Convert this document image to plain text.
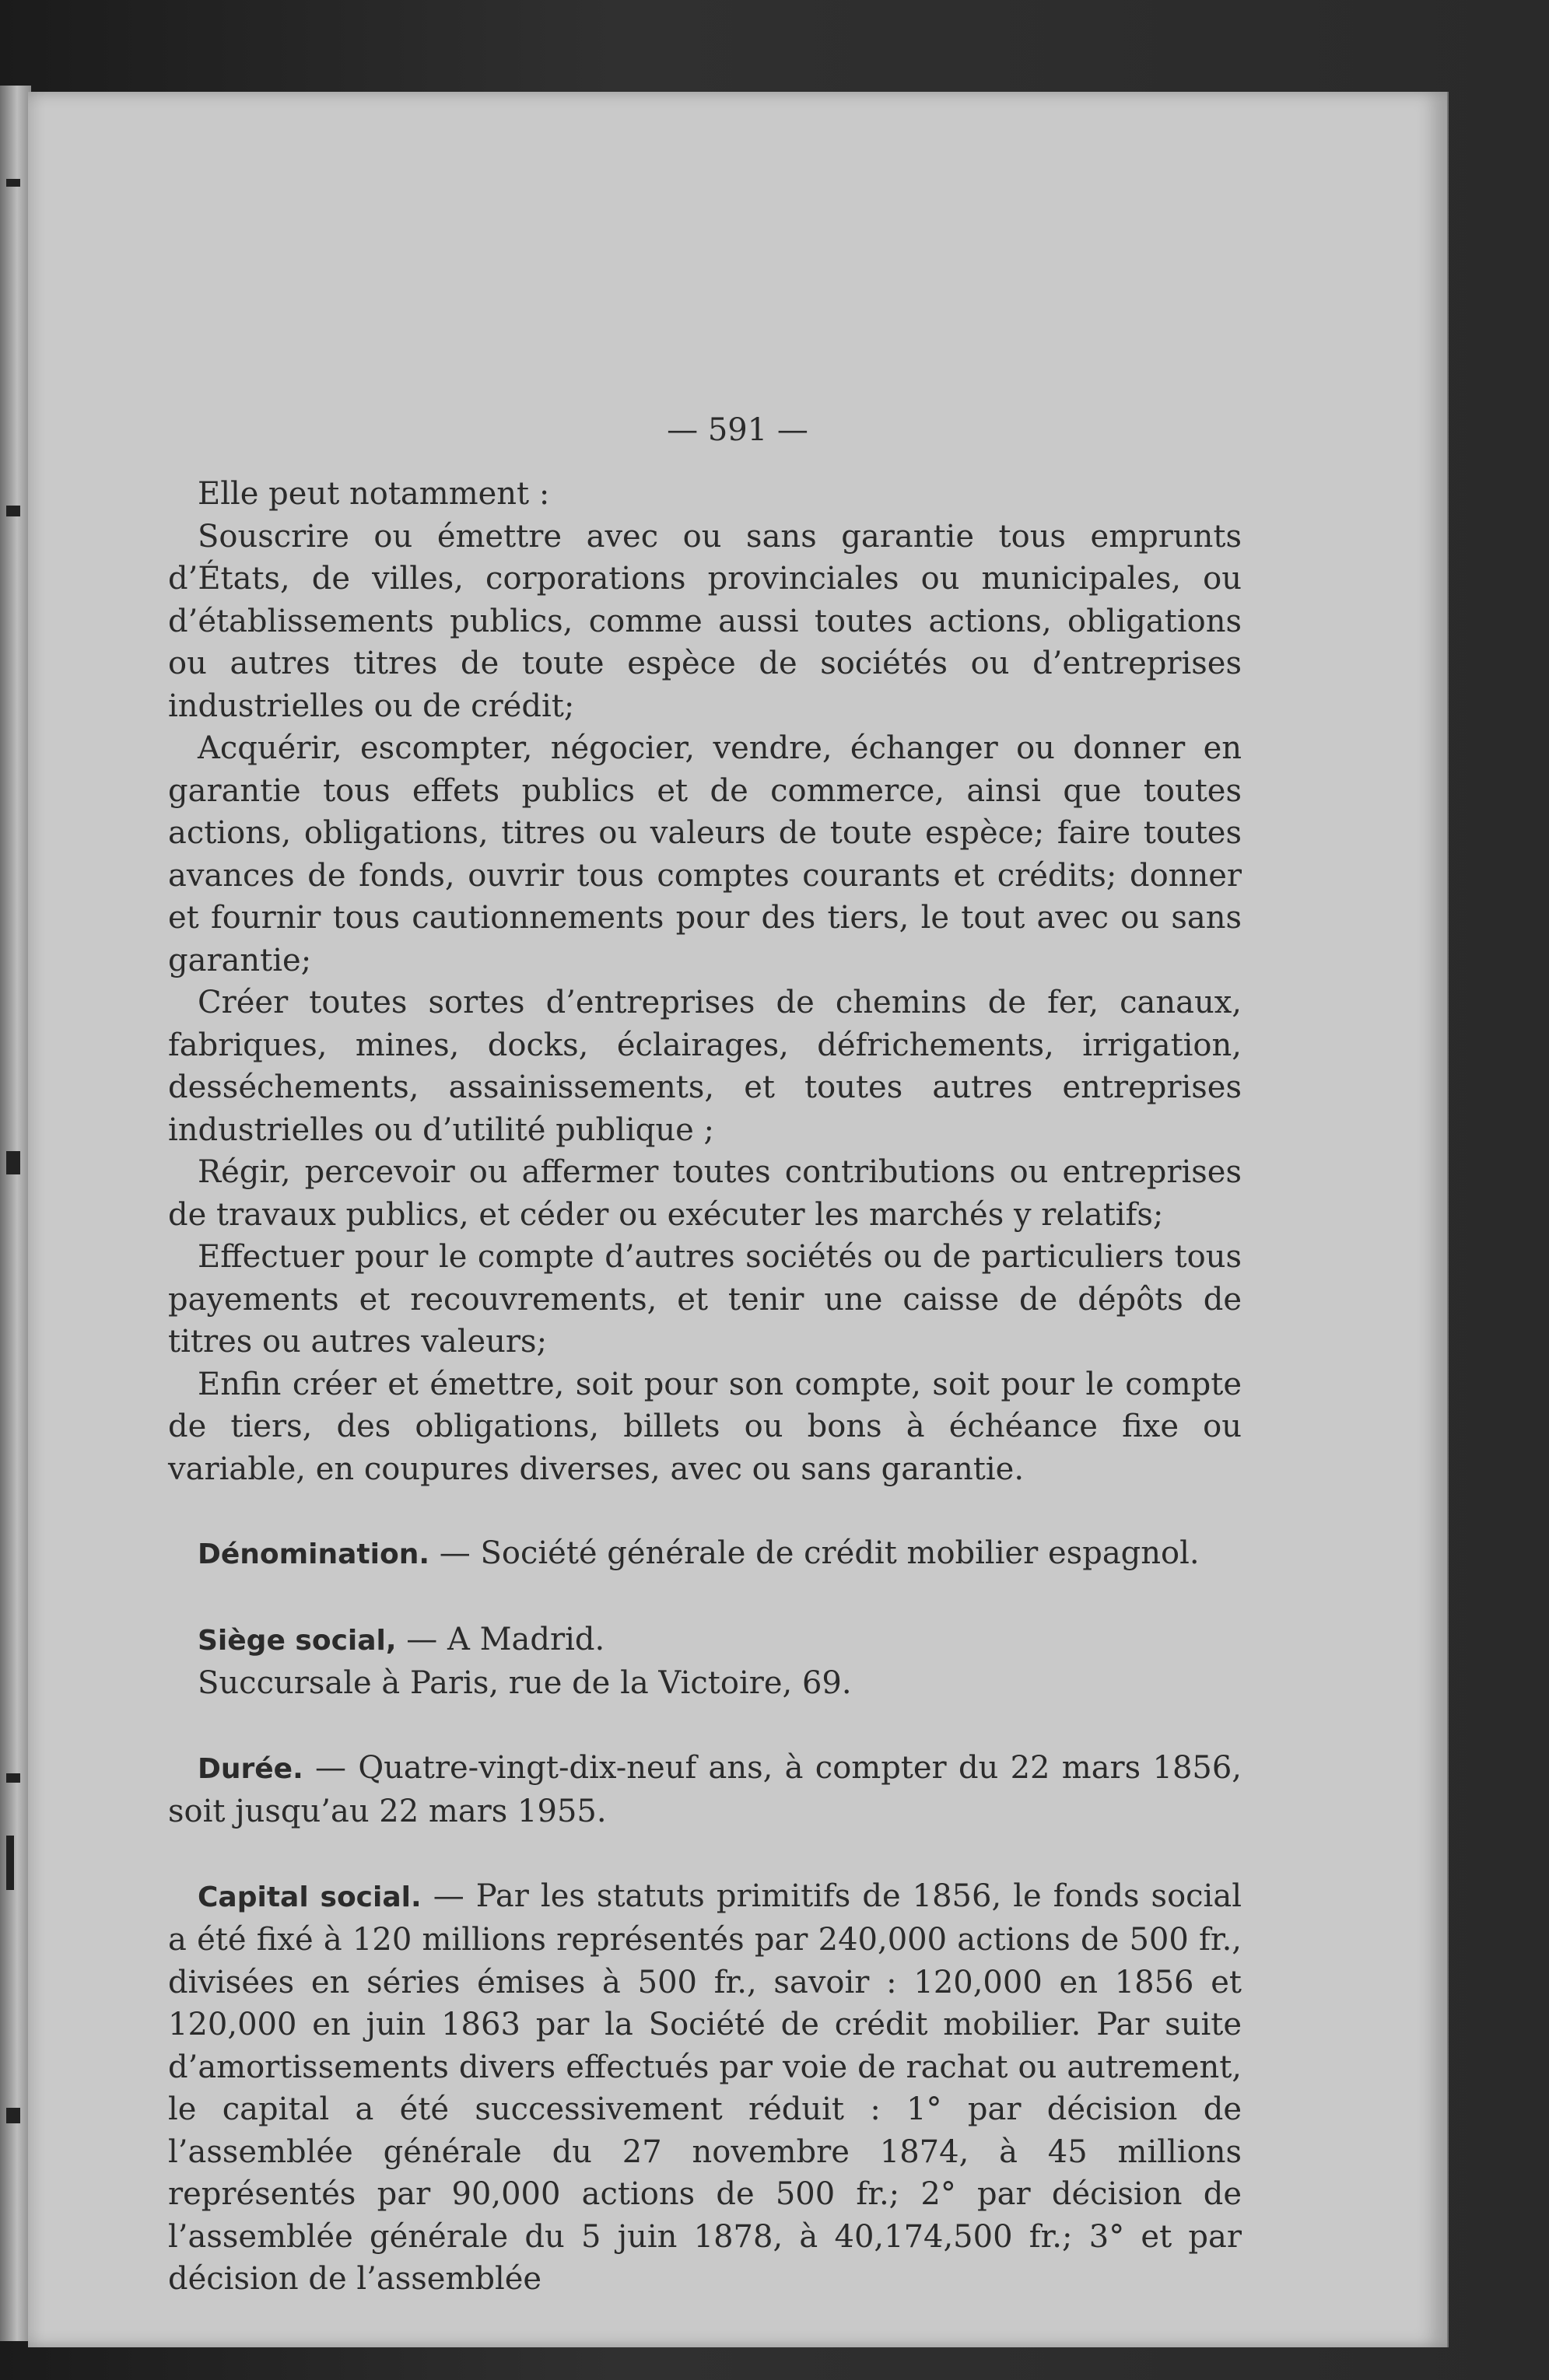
— 591 —

Elle peut notamment :

Souscrire ou émettre avec ou sans garantie tous emprunts d’États, de villes, corporations provinciales ou municipales, ou d’établissements publics, comme aussi toutes actions, obligations ou autres titres de toute espèce de sociétés ou d’entreprises industrielles ou de crédit;

Acquérir, escompter, négocier, vendre, échanger ou donner en garantie tous effets publics et de commerce, ainsi que toutes actions, obligations, titres ou valeurs de toute espèce; faire toutes avances de fonds, ouvrir tous comptes courants et crédits; donner et fournir tous cautionnements pour des tiers, le tout avec ou sans garantie;

Créer toutes sortes d’entreprises de chemins de fer, canaux, fabriques, mines, docks, éclairages, défrichements, irrigation, desséchements, assainissements, et toutes autres entreprises industrielles ou d’utilité publique ;

Régir, percevoir ou affermer toutes contributions ou entreprises de travaux publics, et céder ou exécuter les marchés y relatifs;

Effectuer pour le compte d’autres sociétés ou de particuliers tous payements et recouvrements, et tenir une caisse de dépôts de titres ou autres valeurs;

Enfin créer et émettre, soit pour son compte, soit pour le compte de tiers, des obligations, billets ou bons à échéance fixe ou variable, en coupures diverses, avec ou sans garantie.

Dénomination. — Société générale de crédit mobilier espagnol.

Siège social, — A Madrid.

Succursale à Paris, rue de la Victoire, 69.

Durée. — Quatre-vingt-dix-neuf ans, à compter du 22 mars 1856, soit jusqu’au 22 mars 1955.

Capital social. — Par les statuts primitifs de 1856, le fonds social a été fixé à 120 millions représentés par 240,000 actions de 500 fr., divisées en séries émises à 500 fr., savoir : 120,000 en 1856 et 120,000 en juin 1863 par la Société de crédit mobilier. Par suite d’amortissements divers effectués par voie de rachat ou autrement, le capital a été successivement réduit : 1° par décision de l’assemblée générale du 27 novembre 1874, à 45 millions représentés par 90,000 actions de 500 fr.; 2° par décision de l’assemblée générale du 5 juin 1878, à 40,174,500 fr.; 3° et par décision de l’assemblée
